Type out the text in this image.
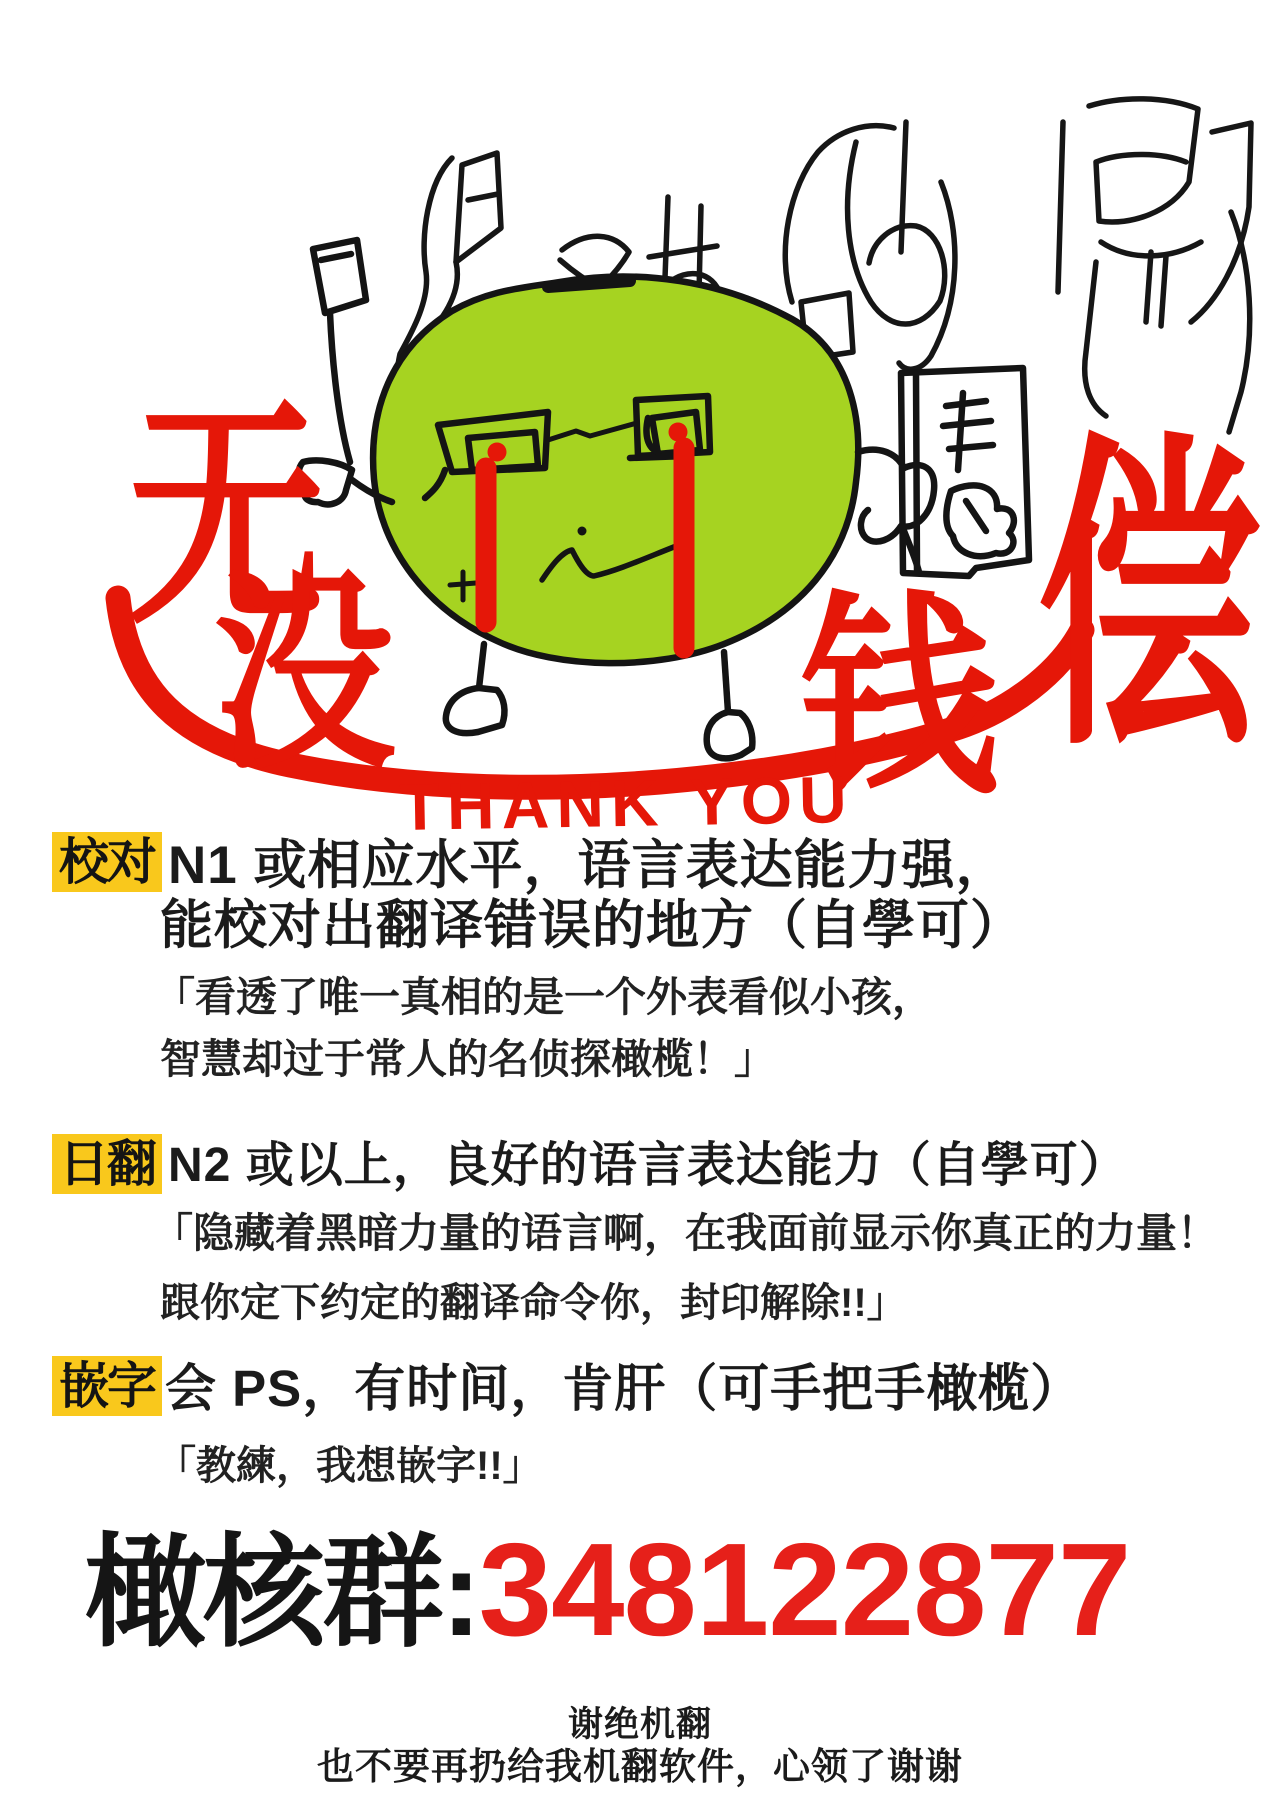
无
没 钱 偿
THANK YOU
校对 N1 或相应水平，语言表达能力强，
能校对出翻译错误的地方（自學可）
「看透了唯一真相的是一个外表看似小孩，
智慧却过于常人的名侦探橄榄！」
日翻 N2 或以上，良好的语言表达能力（自學可）
「隐藏着黑暗力量的语言啊，在我面前显示你真正的力量！
跟你定下约定的翻译命令你，封印解除!!」
嵌字 会 PS，有时间，肯肝（可手把手橄榄）
「教練，我想嵌字!!」
橄核群:348122877
谢绝机翻
也不要再扔给我机翻软件，心领了谢谢
